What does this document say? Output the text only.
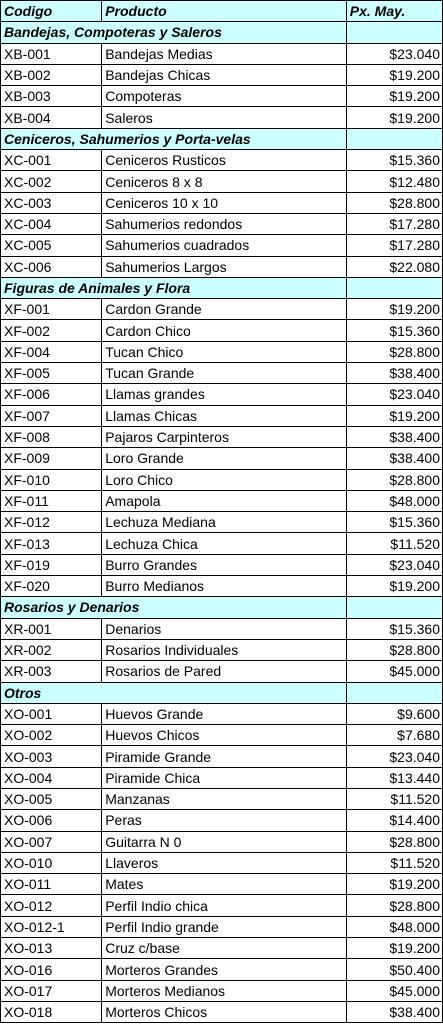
Codigo	Producto	Px. May.
Bandejas, Compoteras y Saleros		
XB-001	Bandejas Medias	$23.040
XB-002	Bandejas Chicas	$19.200
XB-003	Compoteras	$19.200
XB-004	Saleros	$19.200
Ceniceros, Sahumerios y Porta-velas		
XC-001	Ceniceros Rusticos	$15.360
XC-002	Ceniceros 8 x 8	$12.480
XC-003	Ceniceros 10 x 10	$28.800
XC-004	Sahumerios redondos	$17.280
XC-005	Sahumerios cuadrados	$17.280
XC-006	Sahumerios Largos	$22.080
Figuras de Animales y Flora		
XF-001	Cardon Grande	$19.200
XF-002	Cardon Chico	$15.360
XF-004	Tucan Chico	$28.800
XF-005	Tucan Grande	$38.400
XF-006	Llamas grandes	$23.040
XF-007	Llamas Chicas	$19.200
XF-008	Pajaros Carpinteros	$38.400
XF-009	Loro Grande	$38.400
XF-010	Loro Chico	$28.800
XF-011	Amapola	$48.000
XF-012	Lechuza Mediana	$15.360
XF-013	Lechuza Chica	$11.520
XF-019	Burro Grandes	$23.040
XF-020	Burro Medianos	$19.200
Rosarios y Denarios		
XR-001	Denarios	$15.360
XR-002	Rosarios Individuales	$28.800
XR-003	Rosarios de Pared	$45.000
Otros		
XO-001	Huevos Grande	$9.600
XO-002	Huevos Chicos	$7.680
XO-003	Piramide Grande	$23.040
XO-004	Piramide Chica	$13.440
XO-005	Manzanas	$11.520
XO-006	Peras	$14.400
XO-007	Guitarra N 0	$28.800
XO-010	Llaveros	$11.520
XO-011	Mates	$19.200
XO-012	Perfil Indio chica	$28.800
XO-012-1	Perfil Indio grande	$48.000
XO-013	Cruz c/base	$19.200
XO-016	Morteros Grandes	$50.400
XO-017	Morteros Medianos	$45.000
XO-018	Morteros Chicos	$38.400
